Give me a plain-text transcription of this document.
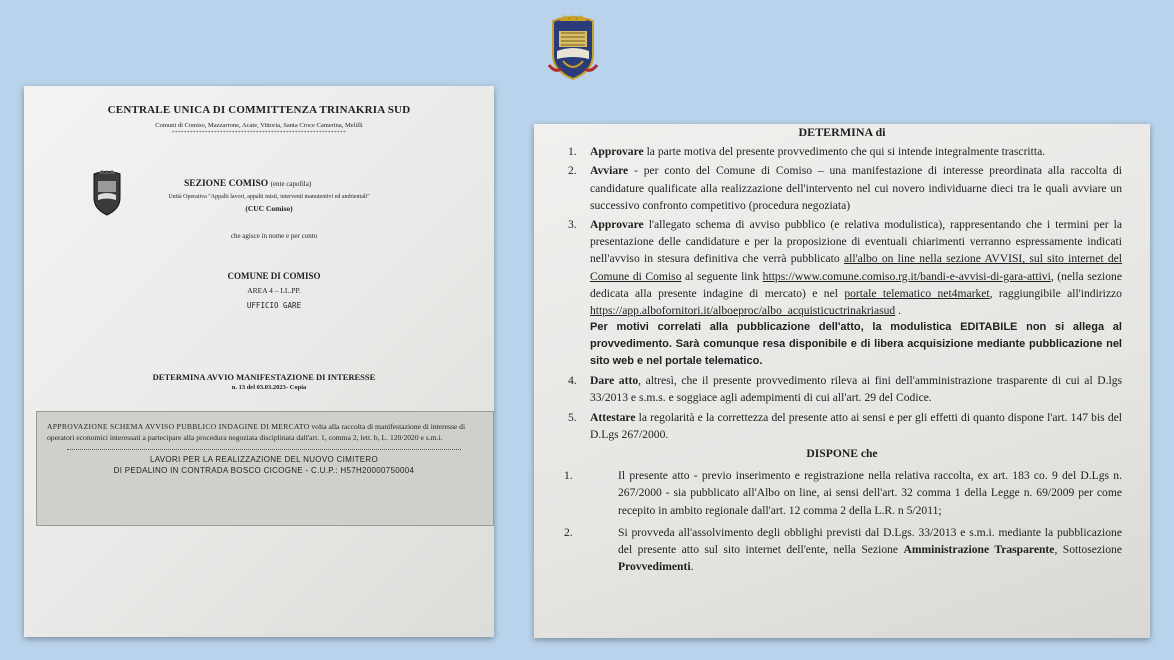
CENTRALE UNICA DI COMMITTENZA TRINAKRIA SUD
Comuni di Comiso, Mazzarrone, Acate, Vittoria, Santa Croce Camerina, Melilli
**********************************************************
SEZIONE COMISO (ente capofila)
Unità Operativa "Appalti lavori, appalti misti, interventi manutentivi ed ambientali"
(CUC Comiso)
che agisce in nome e per conto
COMUNE DI COMISO
AREA 4 – LL.PP.
UFFICIO GARE
DETERMINA AVVIO MANIFESTAZIONE DI INTERESSE
n. 13 del 03.03.2023- Copia
APPROVAZIONE SCHEMA AVVISO PUBBLICO INDAGINE DI MERCATO volta alla raccolta di manifestazione di interesse di operatori economici interessati a partecipare alla procedura negoziata disciplinata dall'art. 1, comma 2, lett. b, L. 120/2020 e s.m.i.
LAVORI PER LA REALIZZAZIONE DEL NUOVO CIMITERO
DI PEDALINO IN CONTRADA BOSCO CICOGNE - C.U.P.: H57H20000750004
DETERMINA di
1.	Approvare la parte motiva del presente provvedimento che qui si intende integralmente trascritta.
2.	Avviare - per conto del Comune di Comiso – una manifestazione di interesse preordinata alla raccolta di candidature qualificate alla realizzazione dell'intervento nel cui novero individuarne dieci tra le quali avviare un successivo confronto competitivo (procedura negoziata)
3.	Approvare l'allegato schema di avviso pubblico (e relativa modulistica), rappresentando che i termini per la presentazione delle candidature e per la proposizione di eventuali chiarimenti verranno espressamente indicati nell'avviso in stesura definitiva che verrà pubblicato all'albo on line nella sezione AVVISI, sul sito internet del Comune di Comiso al seguente link https://www.comune.comiso.rg.it/bandi-e-avvisi-di-gara-attivi, (nella sezione dedicata alla presente indagine di mercato) e nel portale telematico net4market, raggiungibile all'indirizzo https://app.albofornitori.it/alboeproc/albo_acquisticuctrinakriasud .
Per motivi correlati alla pubblicazione dell'atto, la modulistica EDITABILE non si allega al provvedimento. Sarà comunque resa disponibile e di libera acquisizione mediante pubblicazione nel sito web e nel portale telematico.
4.	Dare atto, altresì, che il presente provvedimento rileva ai fini dell'amministrazione trasparente di cui al D.lgs 33/2013 e s.m.s. e soggiace agli adempimenti di cui all'art. 29 del Codice.
5.	Attestare la regolarità e la correttezza del presente atto ai sensi e per gli effetti di quanto dispone l'art. 147 bis del D.Lgs 267/2000.
DISPONE che
1.	Il presente atto - previo inserimento e registrazione nella relativa raccolta, ex art. 183 co. 9 del D.Lgs n. 267/2000 - sia pubblicato all'Albo on line, ai sensi dell'art. 32 comma 1 della Legge n. 69/2009 per come recepito in ambito regionale dall'art. 12 comma 2 della L.R. n 5/2011;
2.	Si provveda all'assolvimento degli obblighi previsti dal D.Lgs. 33/2013 e s.m.i. mediante la pubblicazione del presente atto sul sito internet dell'ente, nella Sezione Amministrazione Trasparente, Sottosezione Provvedimenti.
